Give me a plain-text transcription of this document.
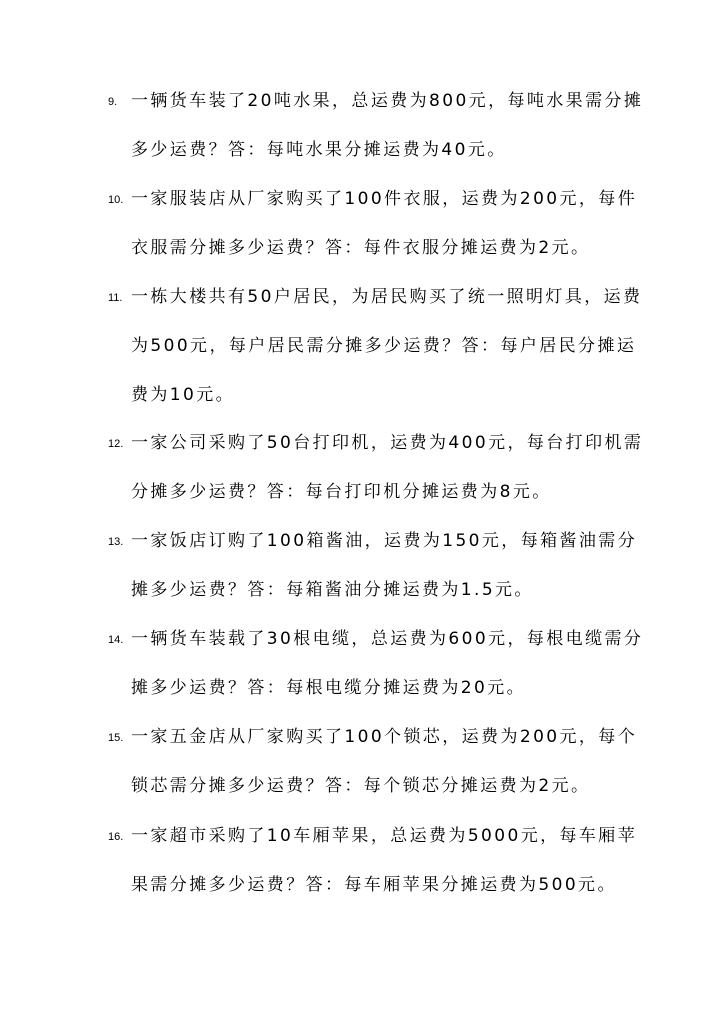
9. 一辆货车装了20吨水果，总运费为800元，每吨水果需分摊多少运费？答：每吨水果分摊运费为40元。
10. 一家服装店从厂家购买了100件衣服，运费为200元，每件衣服需分摊多少运费？答：每件衣服分摊运费为2元。
11. 一栋大楼共有50户居民，为居民购买了统一照明灯具，运费为500元，每户居民需分摊多少运费？答：每户居民分摊运费为10元。
12. 一家公司采购了50台打印机，运费为400元，每台打印机需分摊多少运费？答：每台打印机分摊运费为8元。
13. 一家饭店订购了100箱酱油，运费为150元，每箱酱油需分摊多少运费？答：每箱酱油分摊运费为1.5元。
14. 一辆货车装载了30根电缆，总运费为600元，每根电缆需分摊多少运费？答：每根电缆分摊运费为20元。
15. 一家五金店从厂家购买了100个锁芯，运费为200元，每个锁芯需分摊多少运费？答：每个锁芯分摊运费为2元。
16. 一家超市采购了10车厢苹果，总运费为5000元，每车厢苹果需分摊多少运费？答：每车厢苹果分摊运费为500元。
